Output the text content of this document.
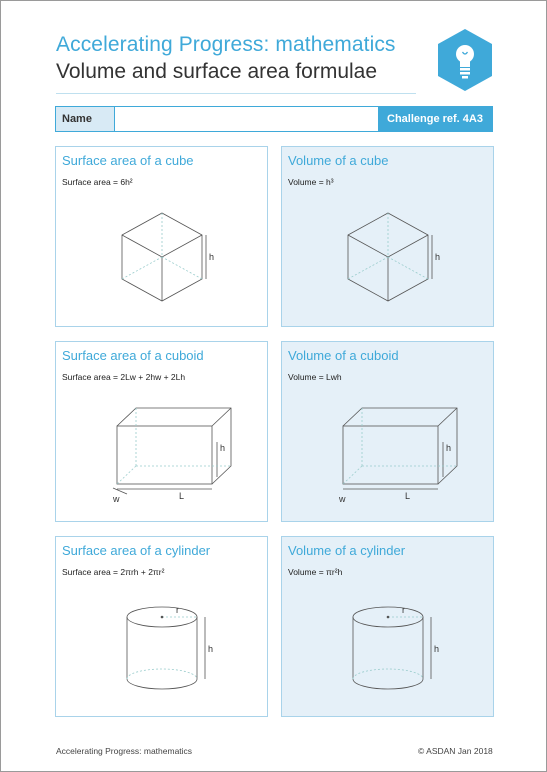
Accelerating Progress: mathematics
Volume and surface area formulae
Name	Challenge ref. 4A3
Surface area of a cube
Surface area = 6h²
h
Volume of a cube
Volume = h³
h
Surface area of a cuboid
Surface area = 2Lw + 2hw + 2Lh
h
w	L
Volume of a cuboid
Volume = Lwh
h
w	L
Surface area of a cylinder
Surface area = 2πrh + 2πr²
r
h
Volume of a cylinder
Volume = πr²h
r
h
Accelerating Progress: mathematics	© ASDAN Jan 2018
